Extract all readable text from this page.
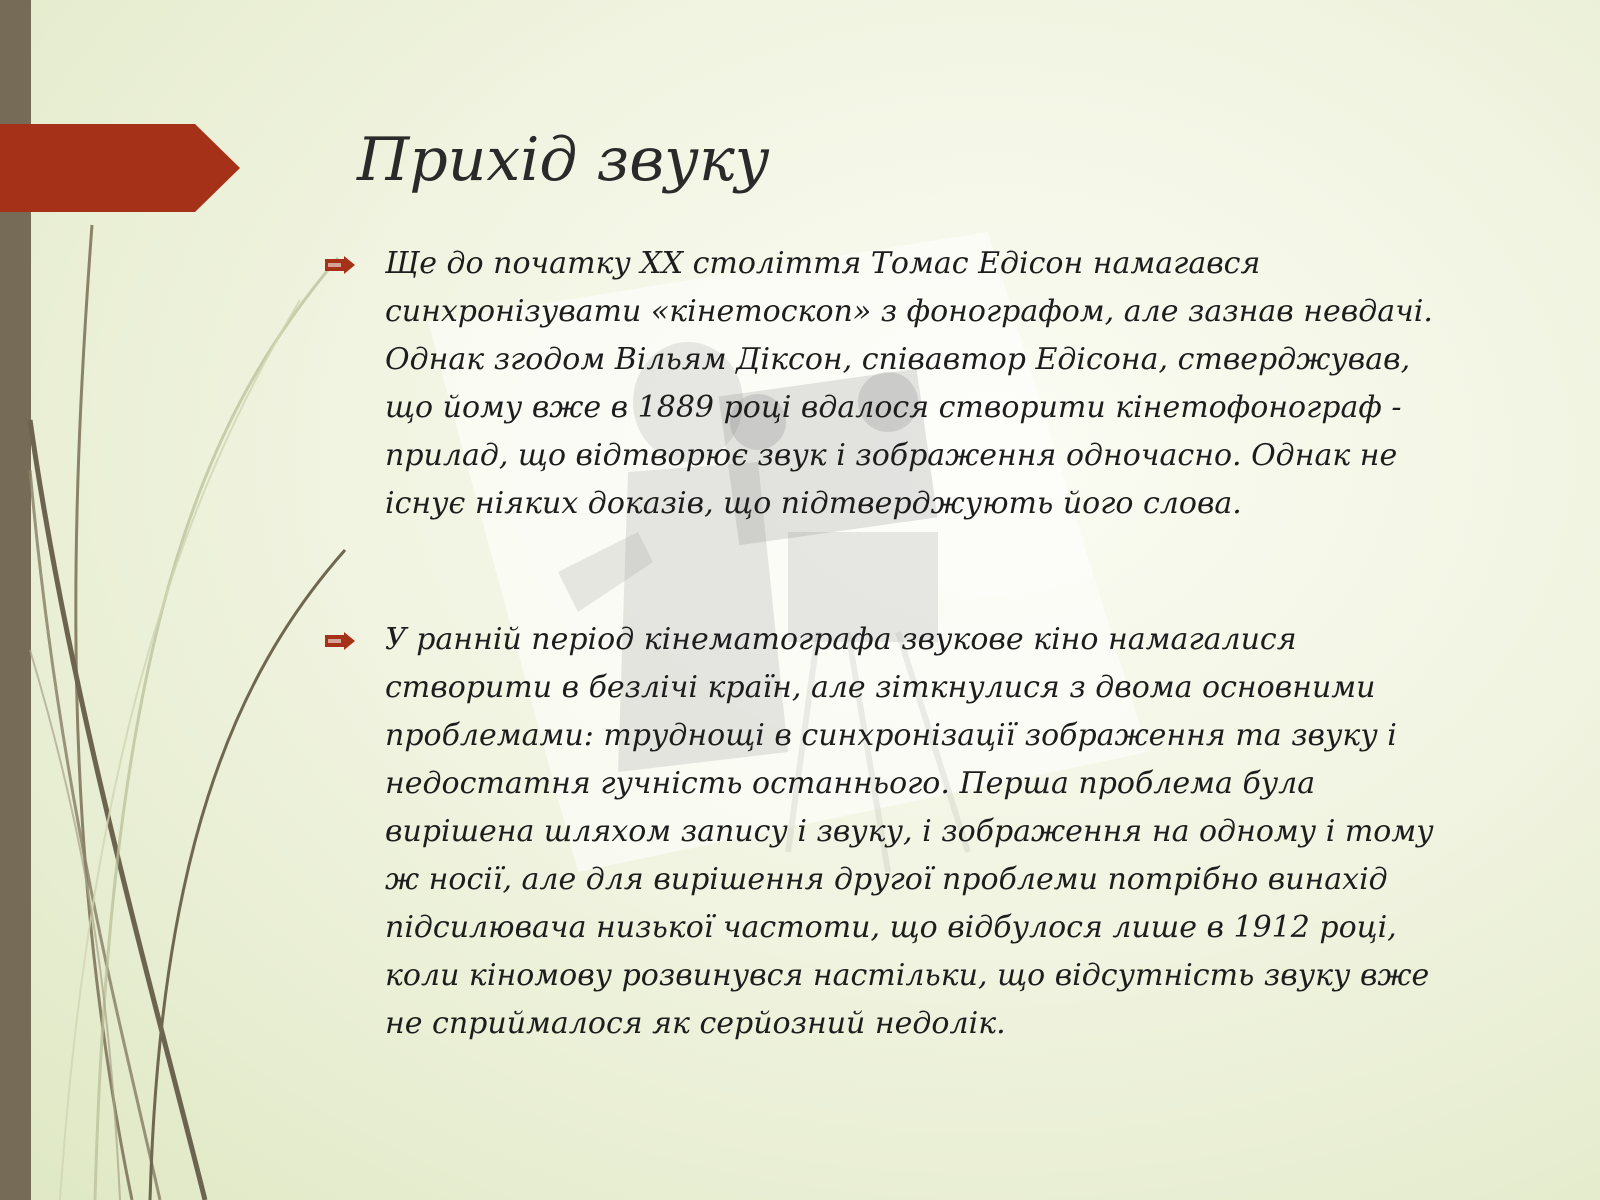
Прихід звуку
Ще до початку XX століття Томас Едісон намагався синхронізувати «кінетоскоп» з фонографом, але зазнав невдачі. Однак згодом Вільям Діксон, співавтор Едісона, стверджував, що йому вже в 1889 році вдалося створити кінетофонограф - прилад, що відтворює звук і зображення одночасно. Однак не існує ніяких доказів, що підтверджують його слова.
У ранній період кінематографа звукове кіно намагалися створити в безлічі країн, але зіткнулися з двома основними проблемами: труднощі в синхронізації зображення та звуку і недостатня гучність останнього. Перша проблема була вирішена шляхом запису і звуку, і зображення на одному і тому ж носії, але для вирішення другої проблеми потрібно винахід підсилювача низької частоти, що відбулося лише в 1912 році, коли кіномову розвинувся настільки, що відсутність звуку вже не сприймалося як серйозний недолік.
